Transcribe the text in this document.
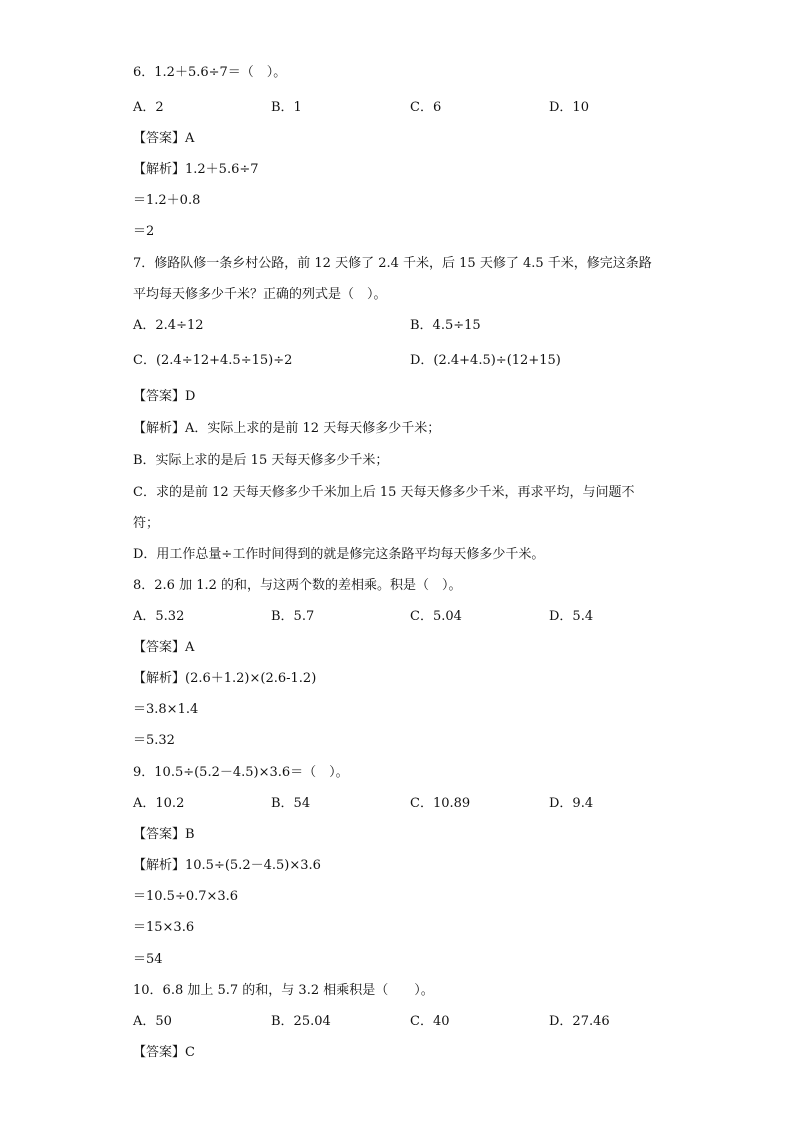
6．1.2＋5.6÷7＝（　）。
A．2	B．1	C．6	D．10
【答案】A
【解析】1.2＋5.6÷7
＝1.2＋0.8
＝2
7．修路队修一条乡村公路，前 12 天修了 2.4 千米，后 15 天修了 4.5 千米，修完这条路
平均每天修多少千米？正确的列式是（　）。
A．2.4÷12	B．4.5÷15
C．(2.4÷12+4.5÷15)÷2	D．(2.4+4.5)÷(12+15)
【答案】D
【解析】A．实际上求的是前 12 天每天修多少千米；
B．实际上求的是后 15 天每天修多少千米；
C．求的是前 12 天每天修多少千米加上后 15 天每天修多少千米，再求平均，与问题不
符；
D．用工作总量÷工作时间得到的就是修完这条路平均每天修多少千米。
8．2.6 加 1.2 的和，与这两个数的差相乘。积是（　）。
A．5.32	B．5.7	C．5.04	D．5.4
【答案】A
【解析】(2.6＋1.2)×(2.6-1.2)
＝3.8×1.4
＝5.32
9．10.5÷(5.2－4.5)×3.6＝（　）。
A．10.2	B．54	C．10.89	D．9.4
【答案】B
【解析】10.5÷(5.2－4.5)×3.6
＝10.5÷0.7×3.6
＝15×3.6
＝54
10．6.8 加上 5.7 的和，与 3.2 相乘积是（　　）。
A．50	B．25.04	C．40	D．27.46
【答案】C
